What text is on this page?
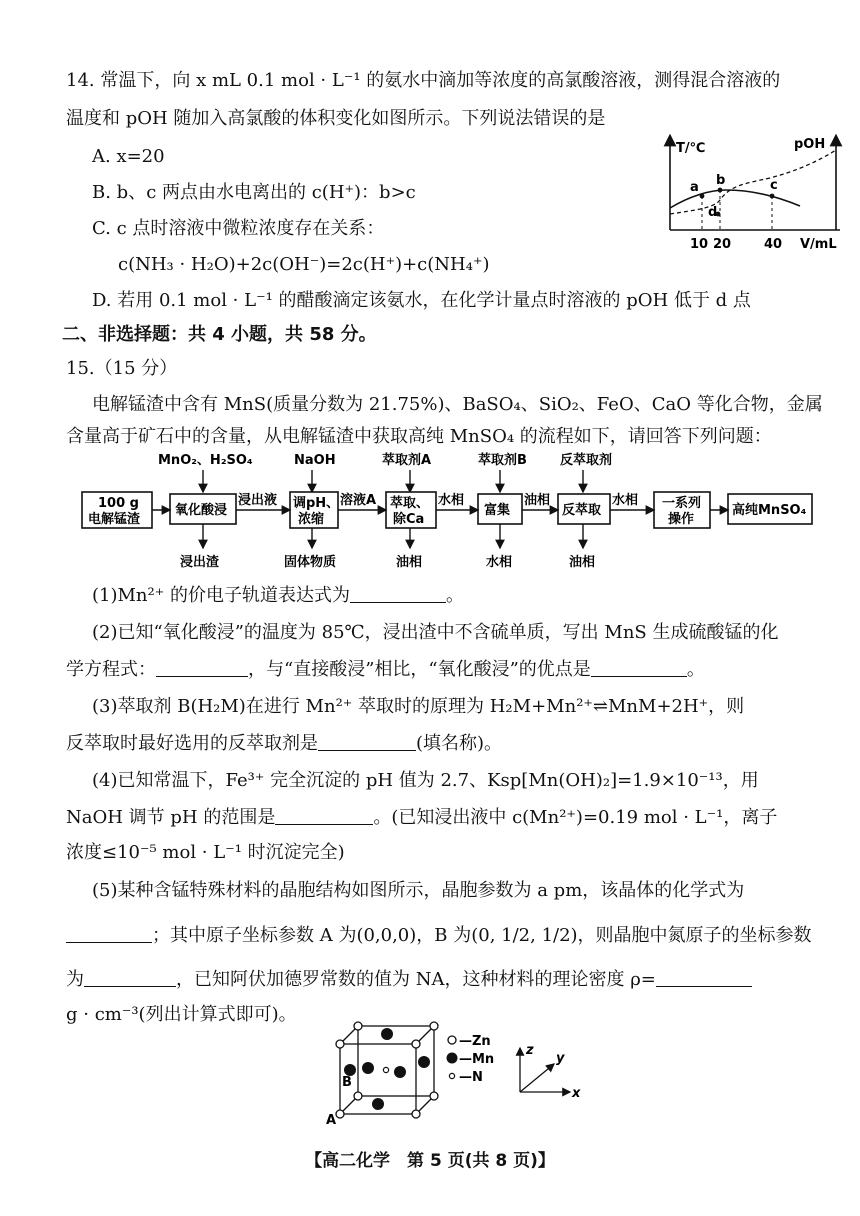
14. 常温下，向 x mL 0.1 mol · L⁻¹ 的氨水中滴加等浓度的高氯酸溶液，测得混合溶液的
温度和 pOH 随加入高氯酸的体积变化如图所示。下列说法错误的是
A. x=20
B. b、c 两点由水电离出的 c(H⁺)：b>c
C. c 点时溶液中微粒浓度存在关系：
c(NH₃ · H₂O)+2c(OH⁻)=2c(H⁺)+c(NH₄⁺)
D. 若用 0.1 mol · L⁻¹ 的醋酸滴定该氨水，在化学计量点时溶液的 pOH 低于 d 点
T/℃	pOH
a b	c
d
10 20	40 V/mL
二、非选择题：共 4 小题，共 58 分。
15.（15 分）
电解锰渣中含有 MnS(质量分数为 21.75%)、BaSO₄、SiO₂、FeO、CaO 等化合物，金属
含量高于矿石中的含量，从电解锰渣中获取高纯 MnSO₄ 的流程如下，请回答下列问题：
MnO₂、H₂SO₄	NaOH	萃取剂A	萃取剂B	反萃取剂
100 g
电解锰渣
氧化酸浸	调pH、
浓缩
萃取、
除Ca
富集	反萃取	一系列
操作
高纯MnSO₄
浸出液	溶液A	水相	油相	水相
浸出渣	固体物质	油相	水相	油相
(1)Mn²⁺ 的价电子轨道表达式为	。
(2)已知“氧化酸浸”的温度为 85℃，浸出渣中不含硫单质，写出 MnS 生成硫酸锰的化
学方程式：	，与“直接酸浸”相比，“氧化酸浸”的优点是	。
(3)萃取剂 B(H₂M)在进行 Mn²⁺ 萃取时的原理为 H₂M+Mn²⁺⇌MnM+2H⁺，则
反萃取时最好选用的反萃取剂是	(填名称)。
(4)已知常温下，Fe³⁺ 完全沉淀的 pH 值为 2.7、Ksp[Mn(OH)₂]=1.9×10⁻¹³，用
NaOH 调节 pH 的范围是	。(已知浸出液中 c(Mn²⁺)=0.19 mol · L⁻¹，离子
浓度≤10⁻⁵ mol · L⁻¹ 时沉淀完全)
(5)某种含锰特殊材料的晶胞结构如图所示，晶胞参数为 a pm，该晶体的化学式为
；其中原子坐标参数 A 为(0,0,0)，B 为(0, 1/2, 1/2)，则晶胞中氮原子的坐标参数
为	，已知阿伏加德罗常数的值为 NA，这种材料的理论密度 ρ=
g · cm⁻³(列出计算式即可)。
A
B
—Zn
—Mn
—N
z
y
x
【高二化学　第 5 页(共 8 页)】
